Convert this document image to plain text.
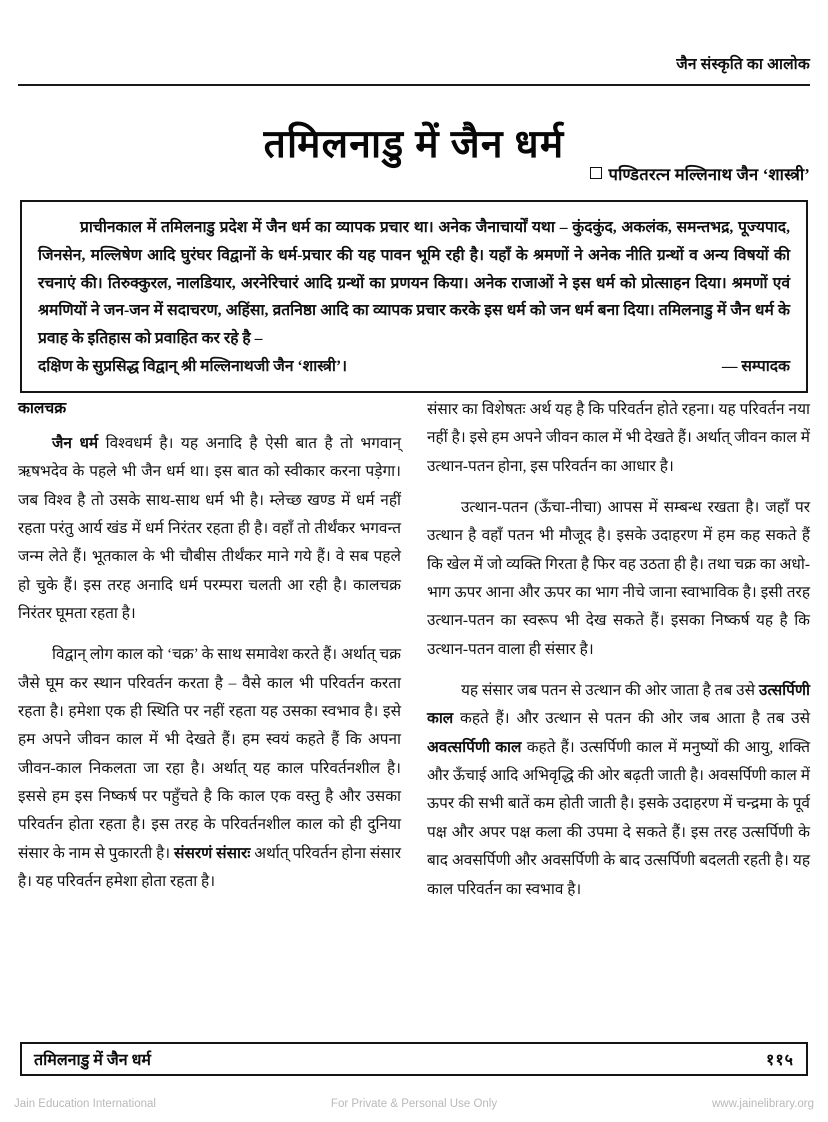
जैन संस्कृति का आलोक
तमिलनाडु में जैन धर्म
पण्डितरत्न मल्लिनाथ जैन ‘शास्त्री’
प्राचीनकाल में तमिलनाडु प्रदेश में जैन धर्म का व्यापक प्रचार था। अनेक जैनाचार्यों यथा – कुंदकुंद, अकलंक, समन्तभद्र, पूज्यपाद, जिनसेन, मल्लिषेण आदि घुरंघर विद्वानों के धर्म-प्रचार की यह पावन भूमि रही है। यहाँ के श्रमणों ने अनेक नीति ग्रन्थों व अन्य विषयों की रचनाएं की। तिरुक्कुरल, नालडियार, अरनेरिचारं आदि ग्रन्थों का प्रणयन किया। अनेक राजाओं ने इस धर्म को प्रोत्साहन दिया। श्रमणों एवं श्रमणियों ने जन-जन में सदाचरण, अहिंसा, व्रतनिष्ठा आदि का व्यापक प्रचार करके इस धर्म को जन धर्म बना दिया। तमिलनाडु में जैन धर्म के प्रवाह के इतिहास को प्रवाहित कर रहे है –
दक्षिण के सुप्रसिद्ध विद्वान् श्री मल्लिनाथजी जैन ‘शास्त्री’।	— सम्पादक
कालचक्र

जैन धर्म विश्वधर्म है। यह अनादि है ऐसी बात है तो भगवान् ऋषभदेव के पहले भी जैन धर्म था। इस बात को स्वीकार करना पड़ेगा। जब विश्व है तो उसके साथ-साथ धर्म भी है। म्लेच्छ खण्ड में धर्म नहीं रहता परंतु आर्य खंड में धर्म निरंतर रहता ही है। वहाँ तो तीर्थंकर भगवन्त जन्म लेते हैं। भूतकाल के भी चौबीस तीर्थंकर माने गये हैं। वे सब पहले हो चुके हैं। इस तरह अनादि धर्म परम्परा चलती आ रही है। कालचक्र निरंतर घूमता रहता है।

विद्वान् लोग काल को ‘चक्र’ के साथ समावेश करते हैं। अर्थात् चक्र जैसे घूम कर स्थान परिवर्तन करता है – वैसे काल भी परिवर्तन करता रहता है। हमेशा एक ही स्थिति पर नहीं रहता यह उसका स्वभाव है। इसे हम अपने जीवन काल में भी देखते हैं। हम स्वयं कहते हैं कि अपना जीवन-काल निकलता जा रहा है। अर्थात् यह काल परिवर्तनशील है। इससे हम इस निष्कर्ष पर पहुँचते है कि काल एक वस्तु है और उसका परिवर्तन होता रहता है। इस तरह के परिवर्तनशील काल को ही दुनिया संसार के नाम से पुकारती है। संसरणं संसारः अर्थात् परिवर्तन होना संसार है। यह परिवर्तन हमेशा होता रहता है।

संसार का विशेषतः अर्थ यह है कि परिवर्तन होते रहना। यह परिवर्तन नया नहीं है। इसे हम अपने जीवन काल में भी देखते हैं। अर्थात् जीवन काल में उत्थान-पतन होना, इस परिवर्तन का आधार है।

उत्थान-पतन (ऊँचा-नीचा) आपस में सम्बन्ध रखता है। जहाँ पर उत्थान है वहाँ पतन भी मौजूद है। इसके उदाहरण में हम कह सकते हैं कि खेल में जो व्यक्ति गिरता है फिर वह उठता ही है। तथा चक्र का अधो-भाग ऊपर आना और ऊपर का भाग नीचे जाना स्वाभाविक है। इसी तरह उत्थान-पतन का स्वरूप भी देख सकते हैं। इसका निष्कर्ष यह है कि उत्थान-पतन वाला ही संसार है।

यह संसार जब पतन से उत्थान की ओर जाता है तब उसे उत्सर्पिणी काल कहते हैं। और उत्थान से पतन की ओर जब आता है तब उसे अवत्सर्पिणी काल कहते हैं। उत्सर्पिणी काल में मनुष्यों की आयु, शक्ति और ऊँचाई आदि अभिवृद्धि की ओर बढ़ती जाती है। अवसर्पिणी काल में ऊपर की सभी बातें कम होती जाती है। इसके उदाहरण में चन्द्रमा के पूर्व पक्ष और अपर पक्ष कला की उपमा दे सकते हैं। इस तरह उत्सर्पिणी के बाद अवसर्पिणी और अवसर्पिणी के बाद उत्सर्पिणी बदलती रहती है। यह काल परिवर्तन का स्वभाव है।

तमिलनाडु में जैन धर्म	११५
Jain Education International	For Private & Personal Use Only	www.jainelibrary.org
